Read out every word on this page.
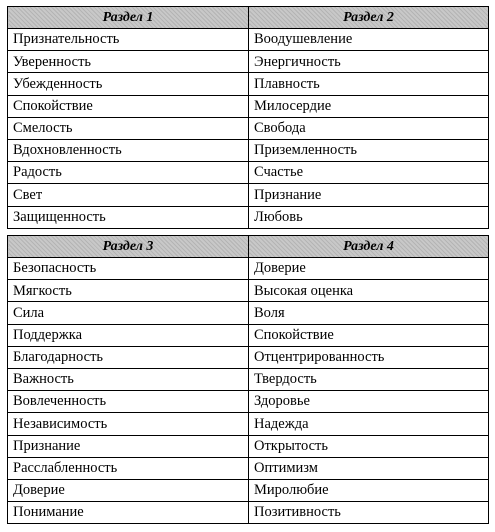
Раздел 1	Раздел 2
Признательность	Воодушевление
Уверенность	Энергичность
Убежденность	Плавность
Спокойствие	Милосердие
Смелость	Свобода
Вдохновленность	Приземленность
Радость	Счастье
Свет	Признание
Защищенность	Любовь
Раздел 3	Раздел 4
Безопасность	Доверие
Мягкость	Высокая оценка
Сила	Воля
Поддержка	Спокойствие
Благодарность	Отцентрированность
Важность	Твердость
Вовлеченность	Здоровье
Независимость	Надежда
Признание	Открытость
Расслабленность	Оптимизм
Доверие	Миролюбие
Понимание	Позитивность
